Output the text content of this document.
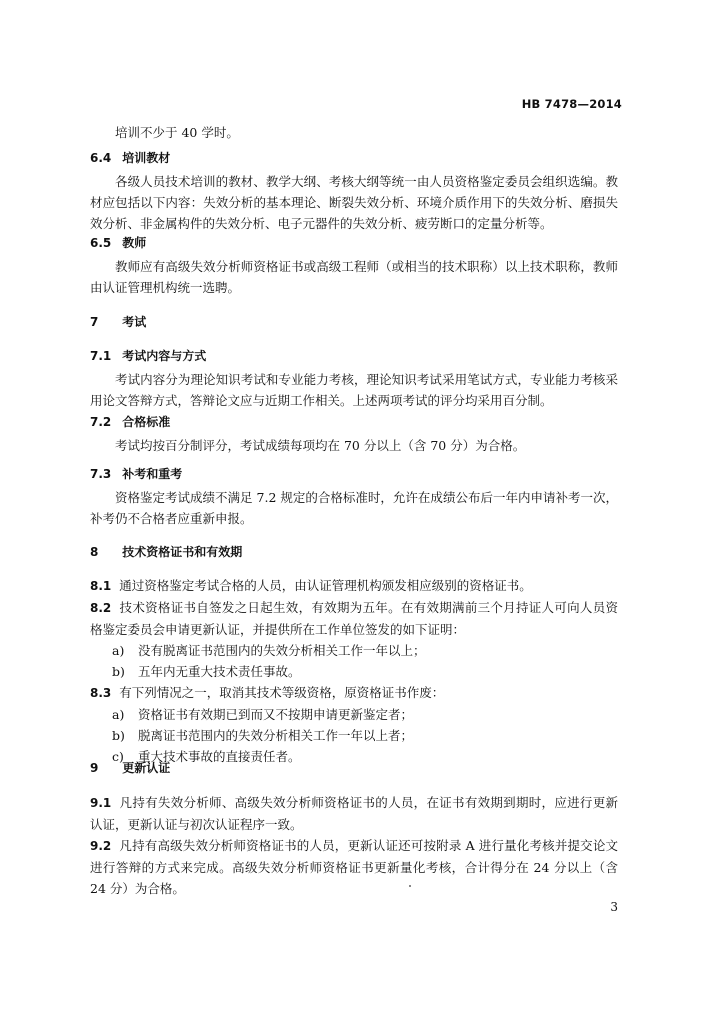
HB 7478—2014

培训不少于 40 学时。

6.4 培训教材

各级人员技术培训的教材、教学大纲、考核大纲等统一由人员资格鉴定委员会组织选编。教材应包括以下内容：失效分析的基本理论、断裂失效分析、环境介质作用下的失效分析、磨损失效分析、非金属构件的失效分析、电子元器件的失效分析、疲劳断口的定量分析等。

6.5 教师

教师应有高级失效分析师资格证书或高级工程师（或相当的技术职称）以上技术职称，教师由认证管理机构统一选聘。

7 考试

7.1 考试内容与方式

考试内容分为理论知识考试和专业能力考核，理论知识考试采用笔试方式，专业能力考核采用论文答辩方式，答辩论文应与近期工作相关。上述两项考试的评分均采用百分制。

7.2 合格标准

考试均按百分制评分，考试成绩每项均在 70 分以上（含 70 分）为合格。

7.3 补考和重考

资格鉴定考试成绩不满足 7.2 规定的合格标准时，允许在成绩公布后一年内申请补考一次，补考仍不合格者应重新申报。

8 技术资格证书和有效期

8.1 通过资格鉴定考试合格的人员，由认证管理机构颁发相应级别的资格证书。

8.2 技术资格证书自签发之日起生效，有效期为五年。在有效期满前三个月持证人可向人员资格鉴定委员会申请更新认证，并提供所在工作单位签发的如下证明：

a) 没有脱离证书范围内的失效分析相关工作一年以上；

b) 五年内无重大技术责任事故。

8.3 有下列情况之一，取消其技术等级资格，原资格证书作废：

a) 资格证书有效期已到而又不按期申请更新鉴定者；

b) 脱离证书范围内的失效分析相关工作一年以上者；

c) 重大技术事故的直接责任者。

9 更新认证

9.1 凡持有失效分析师、高级失效分析师资格证书的人员，在证书有效期到期时，应进行更新认证，更新认证与初次认证程序一致。

9.2 凡持有高级失效分析师资格证书的人员，更新认证还可按附录 A 进行量化考核并提交论文进行答辩的方式来完成。高级失效分析师资格证书更新量化考核，合计得分在 24 分以上（含 24 分）为合格。

3
